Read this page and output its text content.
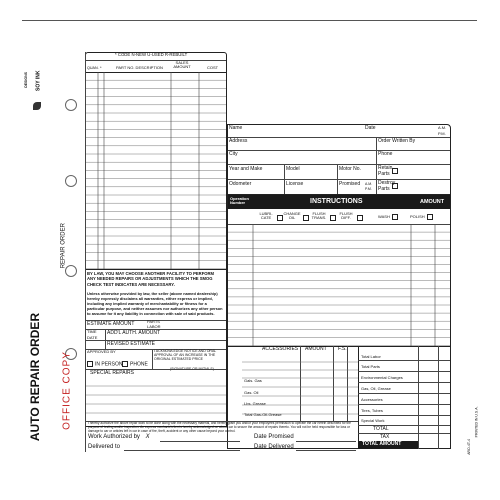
DESIGNS SOY INK
AUTO REPAIR ORDER OFFICE COPY
REPAIR ORDER
ARO-4T-4
PRINTED IN U.S.A.
* CODE N-NEW U-USED R-REBUILT
QUAN. *	PART NO. DESCRIPTION
SALES AMOUNT	COST
BY LAW, YOU MAY CHOOSE ANOTHER FACILITY TO PERFORM ANY NEEDED REPAIRS OR ADJUSTMENTS WHICH THE SMOG CHECK TEST INDICATES ARE NECESSARY.
Unless otherwise provided by law, the seller (above named dealership) hereby expressly disclaims all warranties, either express or implied, including any implied warranty of merchantability or fitness for a particular purpose, and neither assumes nor authorizes any other person to assume for it any liability in connection with sale of said products.
ESTIMATE AMOUNT	PARTS
LABOR
TIME
DATE
ADD'L AUTH. AMOUNT
REVISED ESTIMATE
APPROVED BY	I ACKNOWLEDGE NOTICE AND ORAL APPROVAL OF AN INCREASE IN THE ORIGINAL ESTIMATED PRICE
(SIGNATURE OR INITIALS)
IN PERSON	PHONE
SPECIAL REPAIRS
Name	Date	A.M.
P.M.
Address	Order Written By
City	Phone
Year and Make	Model	Motor No.	Retain Parts
Odometer	License	Promised A.M.
P.M.
Destroy Parts
Operation Number	INSTRUCTIONS	AMOUNT
LUBRI-CATE
CHANGE OIL
FLUSH TRANS.
FLUSH DIFF.	WASH	POLISH
ACCESSORIES AMOUNT F.S.
Gals. Gas
Gas. Oil
Lbs. Grease
Total Gas-Oil-Grease
Total Labor
Total Parts
Environmental Charges
Gas, Oil, Grease
Accessories
Tires, Tubes
Special Work
TOTAL
TAX
TOTAL AMOUNT
I hereby authorize the above repair work to be done along with the necessary material, and hereby grant you and/or your employees permission to operate the car herein described for the purpose of testing and/or inspection. An express mechanic's lien is hereby acknowledged on above car to secure the amount of repairs thereto. You will not be held responsible for loss or damage to car or articles left in car in case of fire, theft, accident or any other cause beyond your control.
Work Authorized by X	Date Promised
Delivered to	Date Delivered
